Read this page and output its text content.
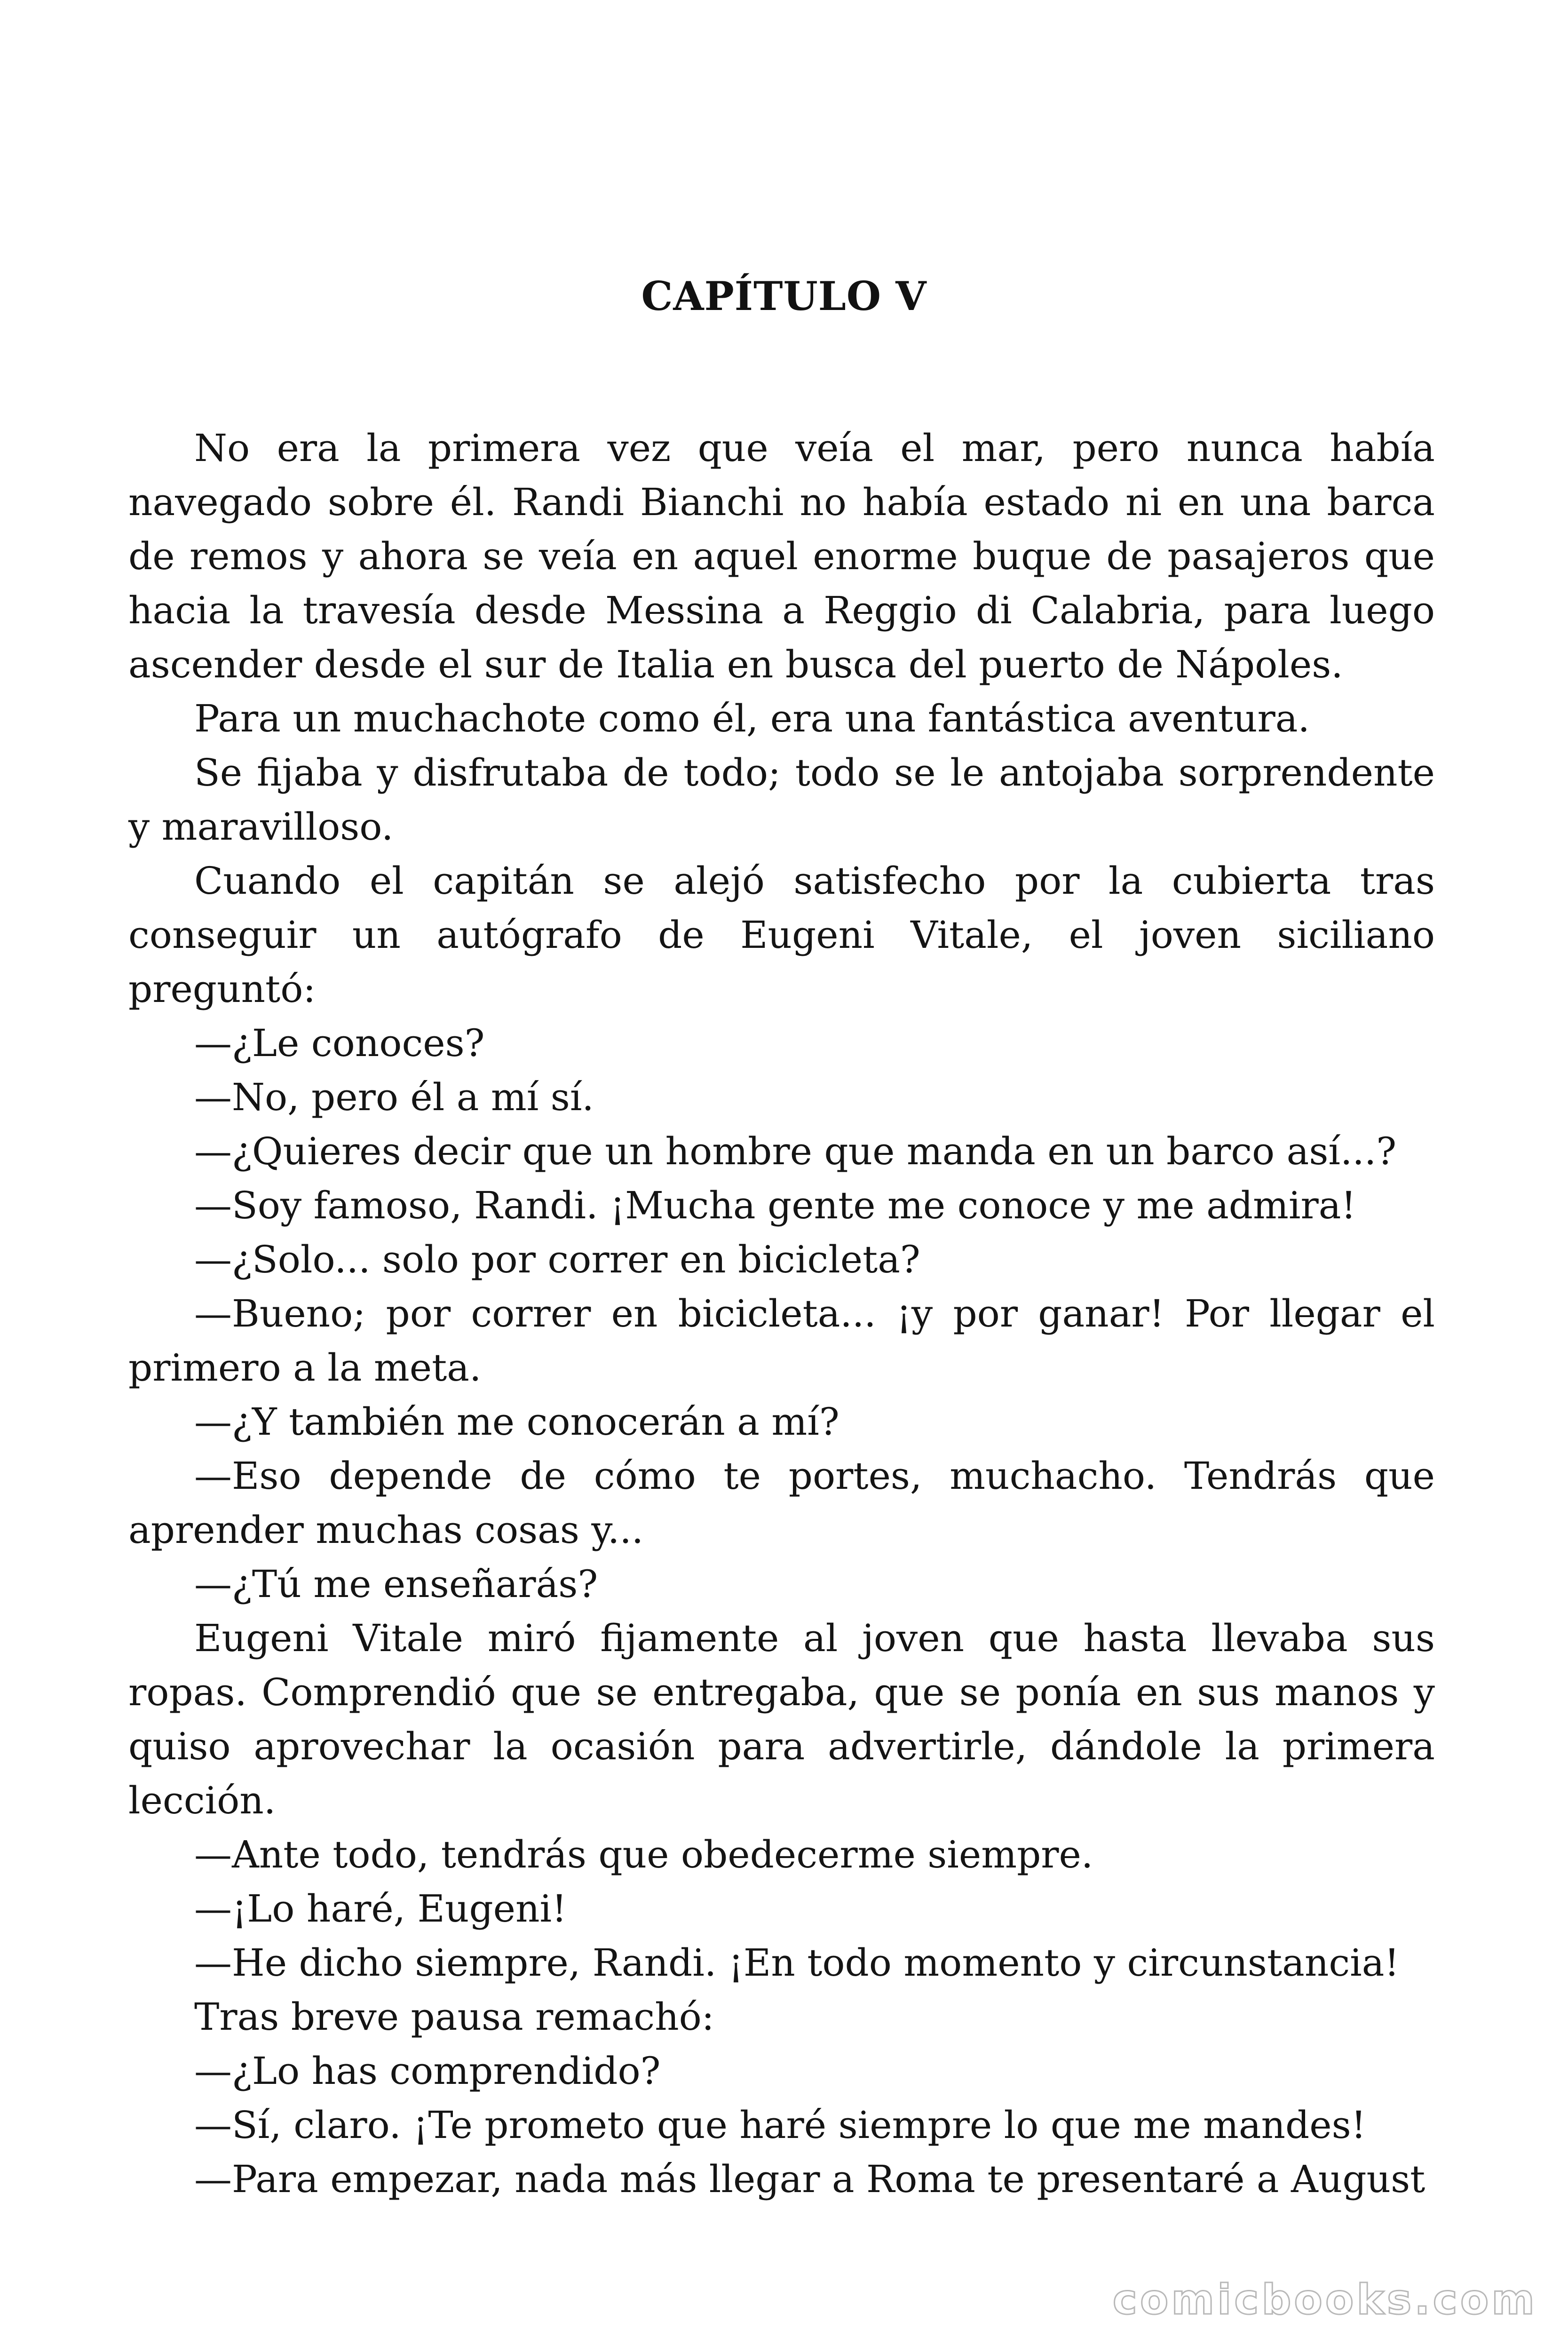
CAPÍTULO V

No era la primera vez que veía el mar, pero nunca había navegado sobre él. Randi Bianchi no había estado ni en una barca de remos y ahora se veía en aquel enorme buque de pasajeros que hacia la travesía desde Messina a Reggio di Calabria, para luego ascender desde el sur de Italia en busca del puerto de Nápoles.

Para un muchachote como él, era una fantástica aventura.

Se fijaba y disfrutaba de todo; todo se le antojaba sorprendente y maravilloso.

Cuando el capitán se alejó satisfecho por la cubierta tras conseguir un autógrafo de Eugeni Vitale, el joven siciliano preguntó:

—¿Le conoces?

—No, pero él a mí sí.

—¿Quieres decir que un hombre que manda en un barco así...?

—Soy famoso, Randi. ¡Mucha gente me conoce y me admira!

—¿Solo... solo por correr en bicicleta?

—Bueno; por correr en bicicleta... ¡y por ganar! Por llegar el primero a la meta.

—¿Y también me conocerán a mí?

—Eso depende de cómo te portes, muchacho. Tendrás que aprender muchas cosas y...

—¿Tú me enseñarás?

Eugeni Vitale miró fijamente al joven que hasta llevaba sus ropas. Comprendió que se entregaba, que se ponía en sus manos y quiso aprovechar la ocasión para advertirle, dándole la primera lección.

—Ante todo, tendrás que obedecerme siempre.

—¡Lo haré, Eugeni!

—He dicho siempre, Randi. ¡En todo momento y circunstancia!

Tras breve pausa remachó:

—¿Lo has comprendido?

—Sí, claro. ¡Te prometo que haré siempre lo que me mandes!

—Para empezar, nada más llegar a Roma te presentaré a August

comicbooks.com
